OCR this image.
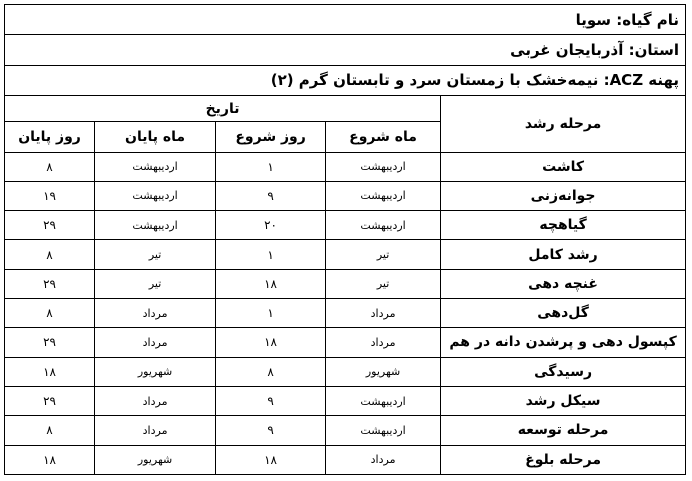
نام گیاه: سویا				
استان: آذربایجان غربی				
پهنه ACZ: نیمه‌خشک با زمستان سرد و تابستان گرم (۲)				
مرحله رشد	تاریخ			
	ماه شروع	روز شروع	ماه پایان	روز پایان
کاشت	اردیبهشت	۱	اردیبهشت	۸
جوانه‌زنی	اردیبهشت	۹	اردیبهشت	۱۹
گیاهچه	اردیبهشت	۲۰	اردیبهشت	۲۹
رشد کامل	تیر	۱	تیر	۸
غنچه دهی	تیر	۱۸	تیر	۲۹
گل‌دهی	مرداد	۱	مرداد	۸
کپسول دهی و پرشدن دانه در هم	مرداد	۱۸	مرداد	۲۹
رسیدگی	شهریور	۸	شهریور	۱۸
سیکل رشد	اردیبهشت	۹	مرداد	۲۹
مرحله توسعه	اردیبهشت	۹	مرداد	۸
مرحله بلوغ	مرداد	۱۸	شهریور	۱۸
